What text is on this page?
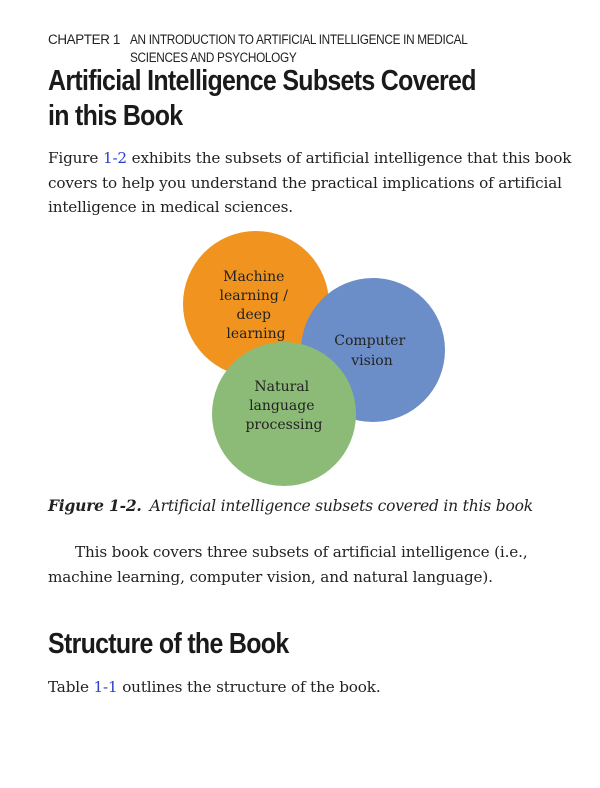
CHAPTER 1 AN INTRODUCTION TO ARTIFICIAL INTELLIGENCE IN MEDICAL SCIENCES AND PSYCHOLOGY
Artificial Intelligence Subsets Covered
in this Book

Figure 1-2 exhibits the subsets of artificial intelligence that this book covers to help you understand the practical implications of artificial intelligence in medical sciences.

Machine learning / deep learning	Computer vision
Natural language processing
Figure 1-2. Artificial intelligence subsets covered in this book

This book covers three subsets of artificial intelligence (i.e., machine learning, computer vision, and natural language).

Structure of the Book

Table 1-1 outlines the structure of the book.
